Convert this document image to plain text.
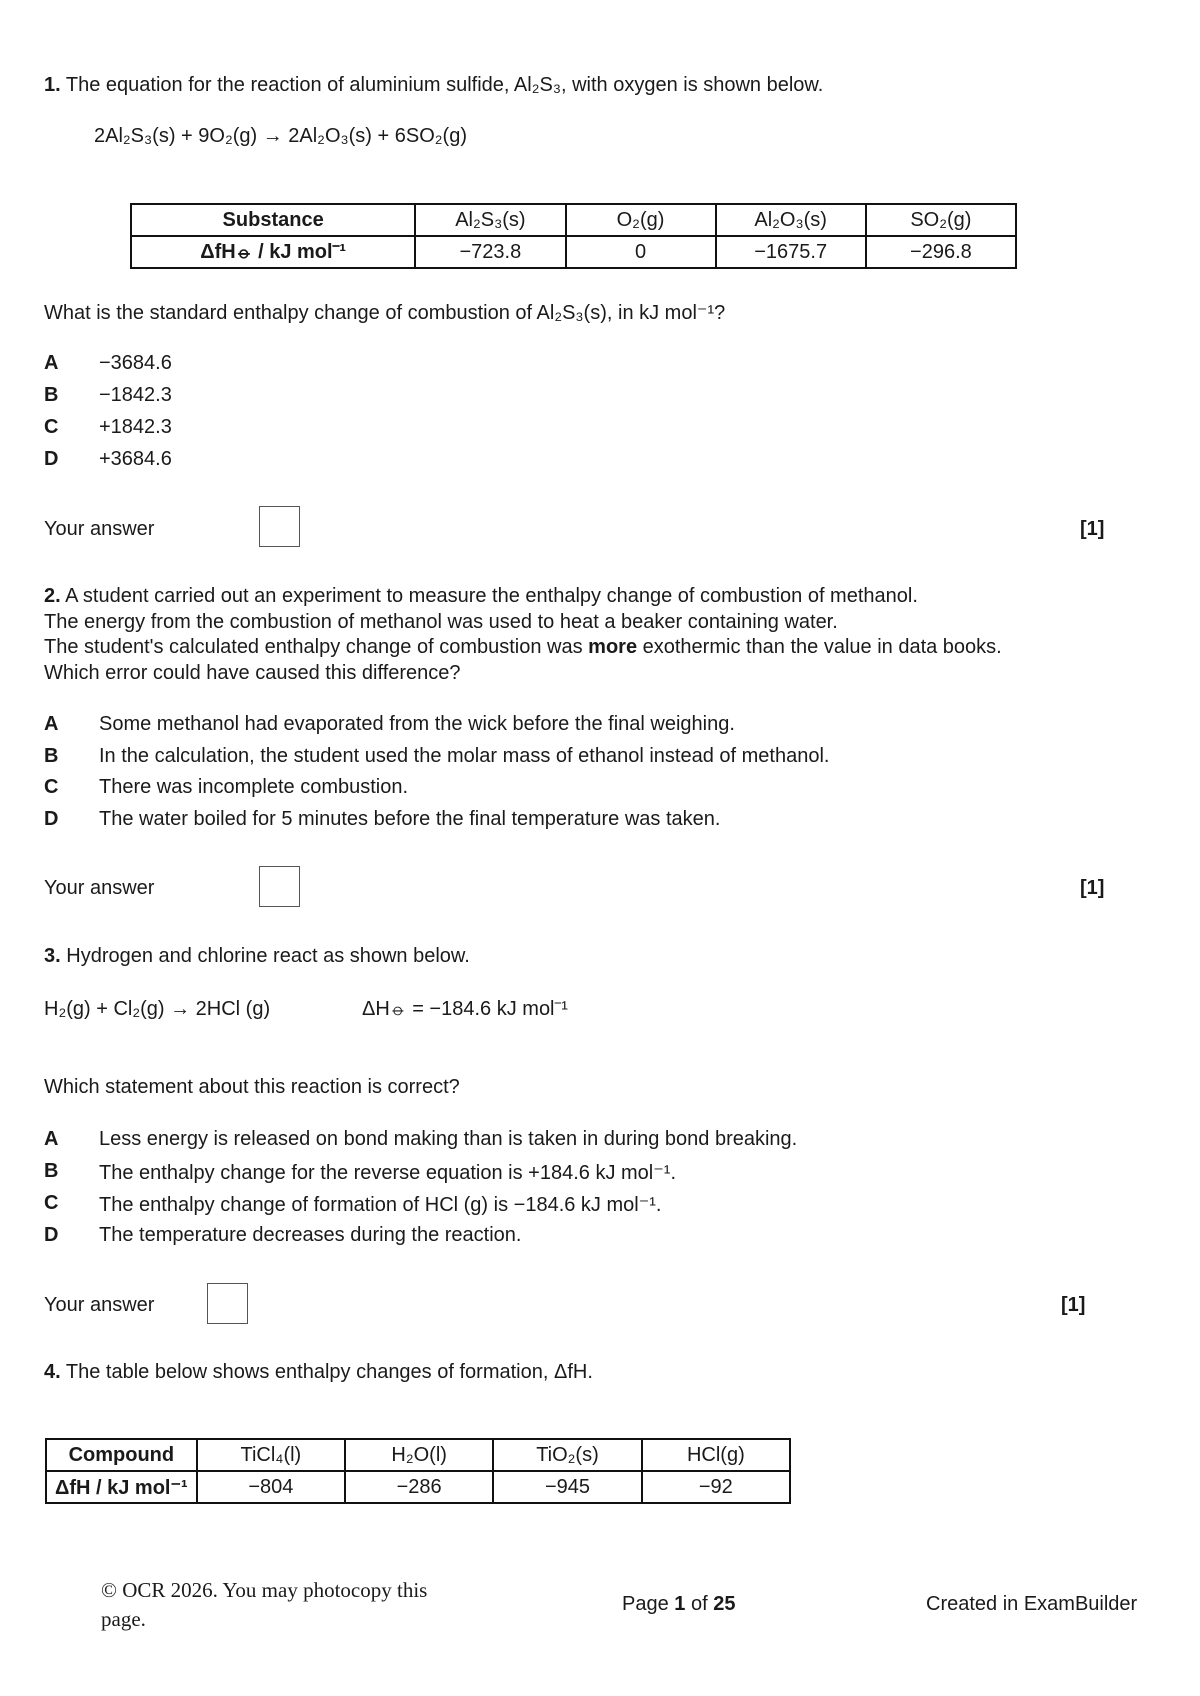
1. The equation for the reaction of aluminium sulfide, Al₂S₃, with oxygen is shown below.
2Al₂S₃(s) + 9O₂(g) → 2Al₂O₃(s) + 6SO₂(g)
Substance	Al₂S₃(s)	O₂(g)	Al₂O₃(s)	SO₂(g)
ΔfH⦵ / kJ mol⁻¹	−723.8	0	−1675.7	−296.8
What is the standard enthalpy change of combustion of Al₂S₃(s), in kJ mol⁻¹?
A −3684.6
B −1842.3
C +1842.3
D +3684.6
Your answer	[1]
2. A student carried out an experiment to measure the enthalpy change of combustion of methanol.
The energy from the combustion of methanol was used to heat a beaker containing water.
The student's calculated enthalpy change of combustion was more exothermic than the value in data books.
Which error could have caused this difference?
A Some methanol had evaporated from the wick before the final weighing.
B In the calculation, the student used the molar mass of ethanol instead of methanol.
C There was incomplete combustion.
D The water boiled for 5 minutes before the final temperature was taken.
Your answer	[1]
3. Hydrogen and chlorine react as shown below.
H₂(g) + Cl₂(g) → 2HCl (g)	ΔH⦵ = −184.6 kJ mol⁻¹
Which statement about this reaction is correct?
A Less energy is released on bond making than is taken in during bond breaking.
B The enthalpy change for the reverse equation is +184.6 kJ mol⁻¹.
C The enthalpy change of formation of HCl (g) is −184.6 kJ mol⁻¹.
D The temperature decreases during the reaction.
Your answer	[1]
4. The table below shows enthalpy changes of formation, ΔfH.
Compound	TiCl₄(l)	H₂O(l)	TiO₂(s)	HCl(g)
ΔfH / kJ mol⁻¹	−804	−286	−945	−92
© OCR 2026. You may photocopy this
page.
Page 1 of 25	Created in ExamBuilder
